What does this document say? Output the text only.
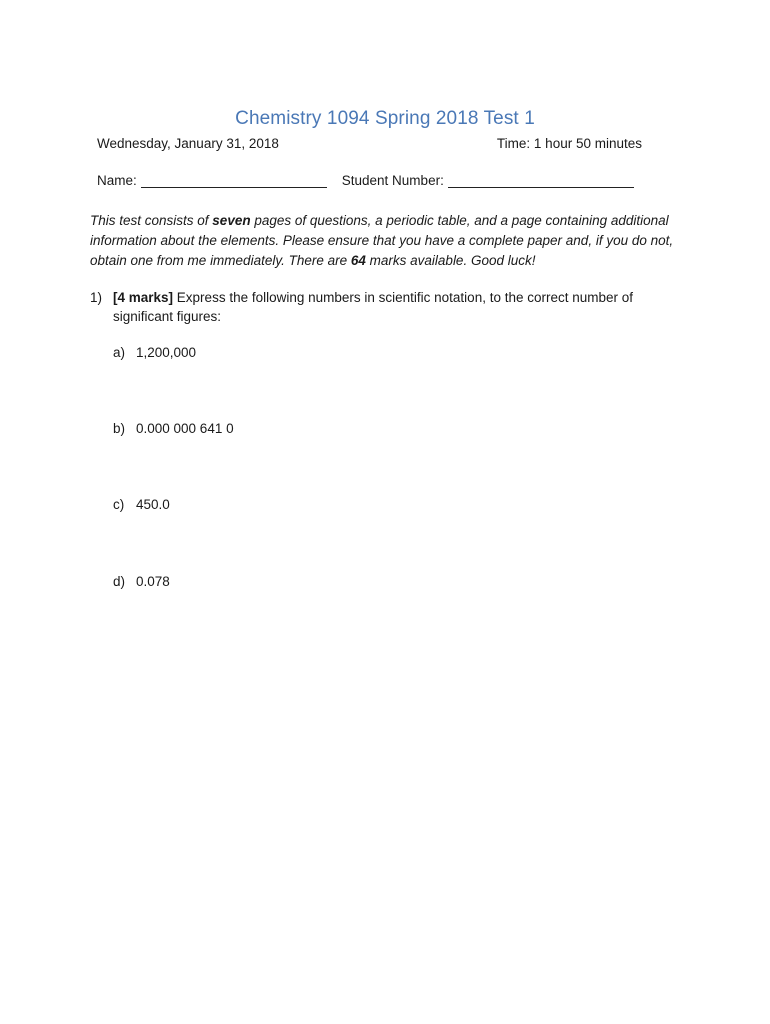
Chemistry 1094 Spring 2018 Test 1
Wednesday, January 31, 2018	Time: 1 hour 50 minutes
Name:	Student Number:
This test consists of seven pages of questions, a periodic table, and a page containing additional information about the elements. Please ensure that you have a complete paper and, if you do not, obtain one from me immediately. There are 64 marks available. Good luck!
1) [4 marks] Express the following numbers in scientific notation, to the correct number of significant figures:
a) 1,200,000
b) 0.000 000 641 0
c) 450.0
d) 0.078
